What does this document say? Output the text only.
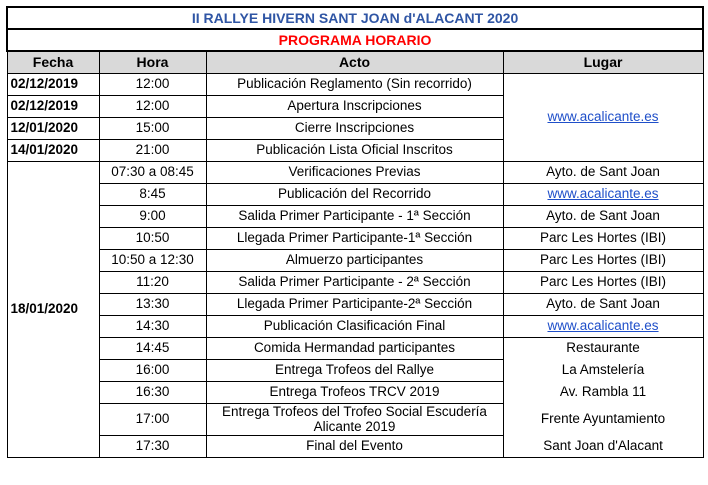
II RALLYE HIVERN SANT JOAN d'ALACANT 2020			
PROGRAMA HORARIO			
Fecha	Hora	Acto	Lugar
02/12/2019	12:00	Publicación Reglamento (Sin recorrido)	www.acalicante.es
02/12/2019	12:00	Apertura Inscripciones	
12/01/2020	15:00	Cierre Inscripciones	
14/01/2020	21:00	Publicación Lista Oficial Inscritos	
18/01/2020	07:30 a 08:45	Verificaciones Previas	Ayto. de Sant Joan
	8:45	Publicación del Recorrido	www.acalicante.es
	9:00	Salida Primer Participante - 1ª Sección	Ayto. de Sant Joan
	10:50	Llegada Primer Participante-1ª Sección	Parc Les Hortes (IBI)
	10:50 a 12:30	Almuerzo participantes	Parc Les Hortes (IBI)
	11:20	Salida Primer Participante - 2ª Sección	Parc Les Hortes (IBI)
	13:30	Llegada Primer Participante-2ª Sección	Ayto. de Sant Joan
	14:30	Publicación Clasificación Final	www.acalicante.es
	14:45	Comida Hermandad participantes	Restaurante
	16:00	Entrega Trofeos del Rallye	La Amstelería
	16:30	Entrega Trofeos TRCV 2019	Av. Rambla 11
	17:00	Entrega Trofeos del Trofeo Social Escudería Alicante 2019	Frente Ayuntamiento
	17:30	Final del Evento	Sant Joan d'Alacant
